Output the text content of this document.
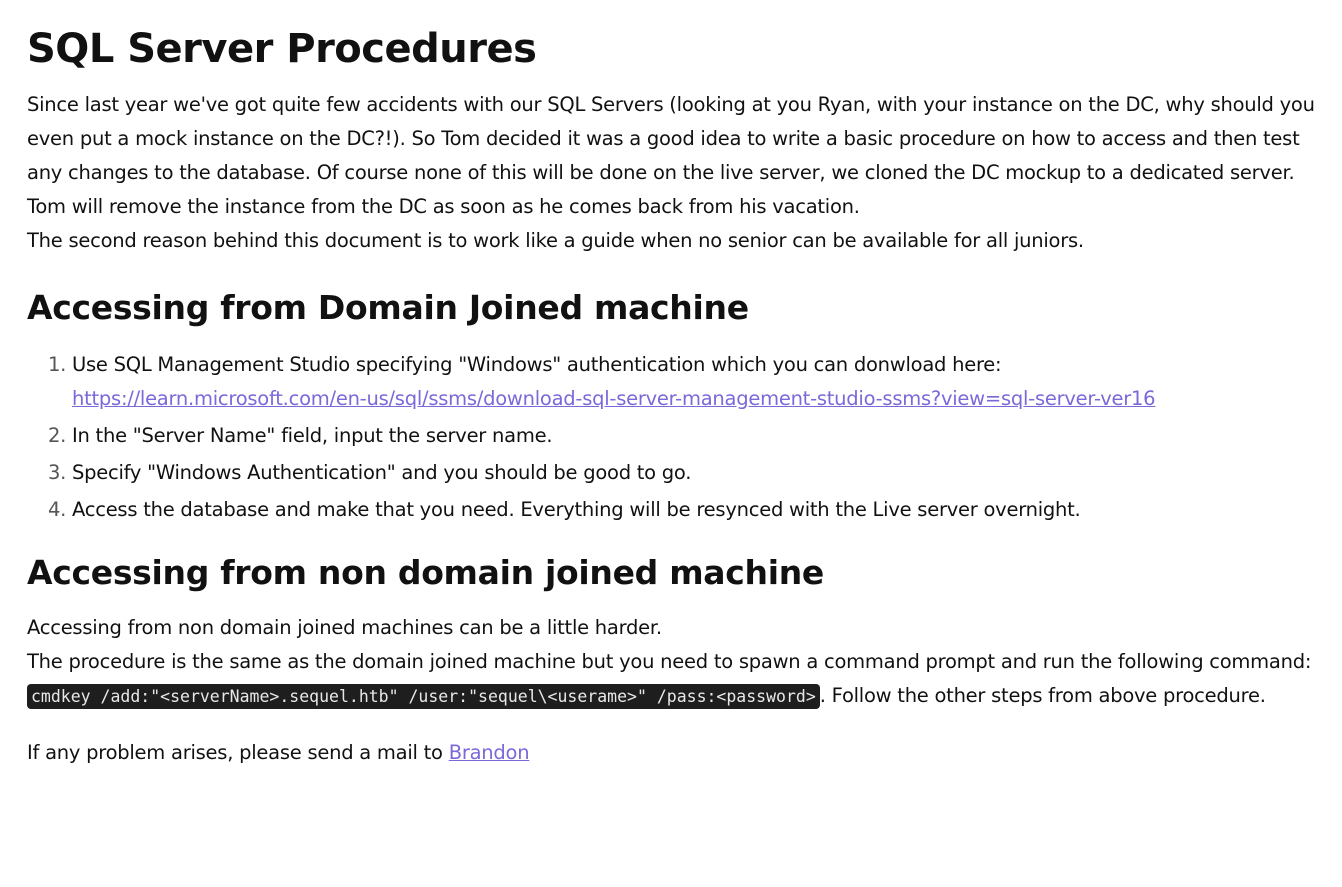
SQL Server Procedures

Since last year we've got quite few accidents with our SQL Servers (looking at you Ryan, with your instance on the DC, why should you even put a mock instance on the DC?!). So Tom decided it was a good idea to write a basic procedure on how to access and then test any changes to the database. Of course none of this will be done on the live server, we cloned the DC mockup to a dedicated server.

Tom will remove the instance from the DC as soon as he comes back from his vacation.

The second reason behind this document is to work like a guide when no senior can be available for all juniors.

Accessing from Domain Joined machine
1. Use SQL Management Studio specifying "Windows" authentication which you can donwload here:
https://learn.microsoft.com/en-us/sql/ssms/download-sql-server-management-studio-ssms?view=sql-server-ver16
2. In the "Server Name" field, input the server name.
3. Specify "Windows Authentication" and you should be good to go.
4. Access the database and make that you need. Everything will be resynced with the Live server overnight.
Accessing from non domain joined machine

Accessing from non domain joined machines can be a little harder.

The procedure is the same as the domain joined machine but you need to spawn a command prompt and run the following command: cmdkey /add:"<serverName>.sequel.htb" /user:"sequel\<userame>" /pass:<password> . Follow the other steps from above procedure.

If any problem arises, please send a mail to Brandon
